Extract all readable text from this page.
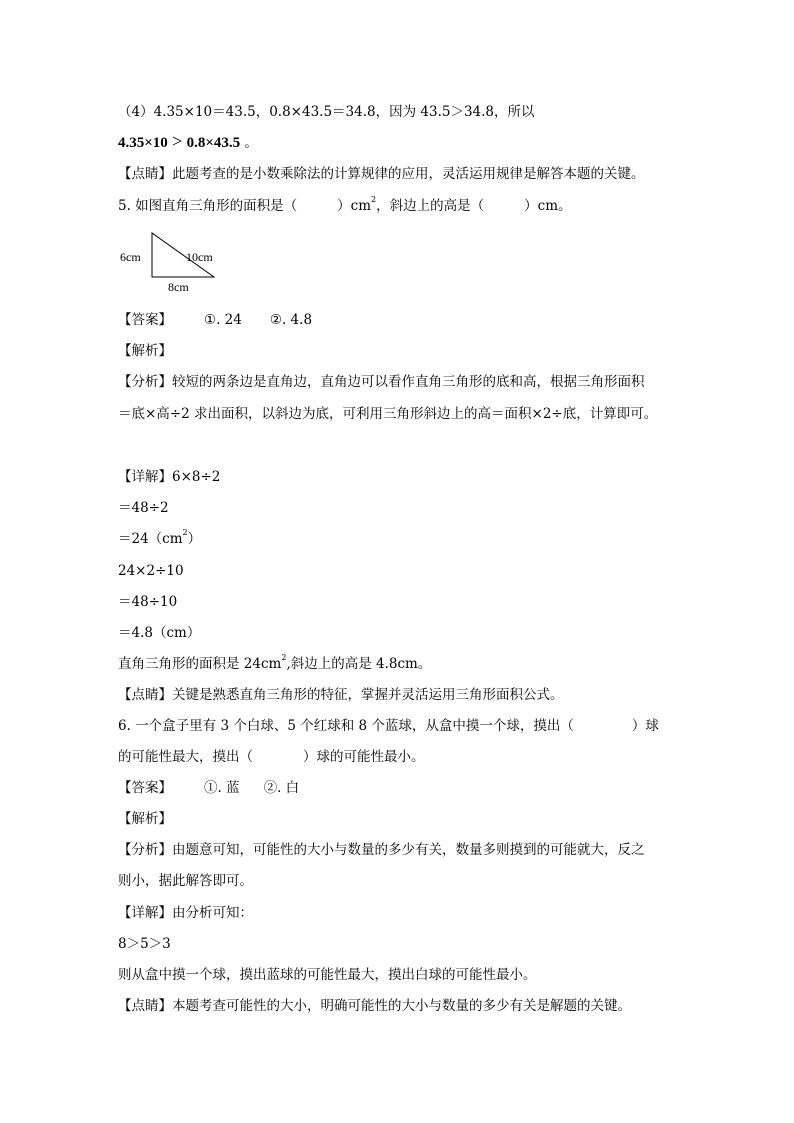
（4）4.35×10＝43.5，0.8×43.5＝34.8，因为 43.5＞34.8，所以
4.35×10 > 0.8×43.5 。
【点睛】此题考查的是小数乘除法的计算规律的应用，灵活运用规律是解答本题的关键。
5. 如图直角三角形的面积是（	）$cm^2$，斜边上的高是（	）cm。
6cm	10cm
8cm
【答案】 ①. 24 ②. 4.8
【解析】
【分析】较短的两条边是直角边，直角边可以看作直角三角形的底和高，根据三角形面积
＝底×高÷2 求出面积，以斜边为底，可利用三角形斜边上的高＝面积×2÷底，计算即可。
【详解】6×8÷2
＝48÷2
$=24(cm^2)$
24×2÷10
＝48÷10
＝4.8（cm）
直角三角形的面积是 $24cm^2$,斜边上的高是 4.8cm。
【点睛】关键是熟悉直角三角形的特征，掌握并灵活运用三角形面积公式。
6. 一个盒子里有 3 个白球、5 个红球和 8 个蓝球，从盒中摸一个球，摸出（	）球
的可能性最大，摸出（	）球的可能性最小。
【答案】 ①. 蓝 ②. 白
【解析】
【分析】由题意可知，可能性的大小与数量的多少有关，数量多则摸到的可能就大，反之
则小，据此解答即可。
【详解】由分析可知：
8＞5＞3
则从盒中摸一个球，摸出蓝球的可能性最大，摸出白球的可能性最小。
【点睛】本题考查可能性的大小，明确可能性的大小与数量的多少有关是解题的关键。
